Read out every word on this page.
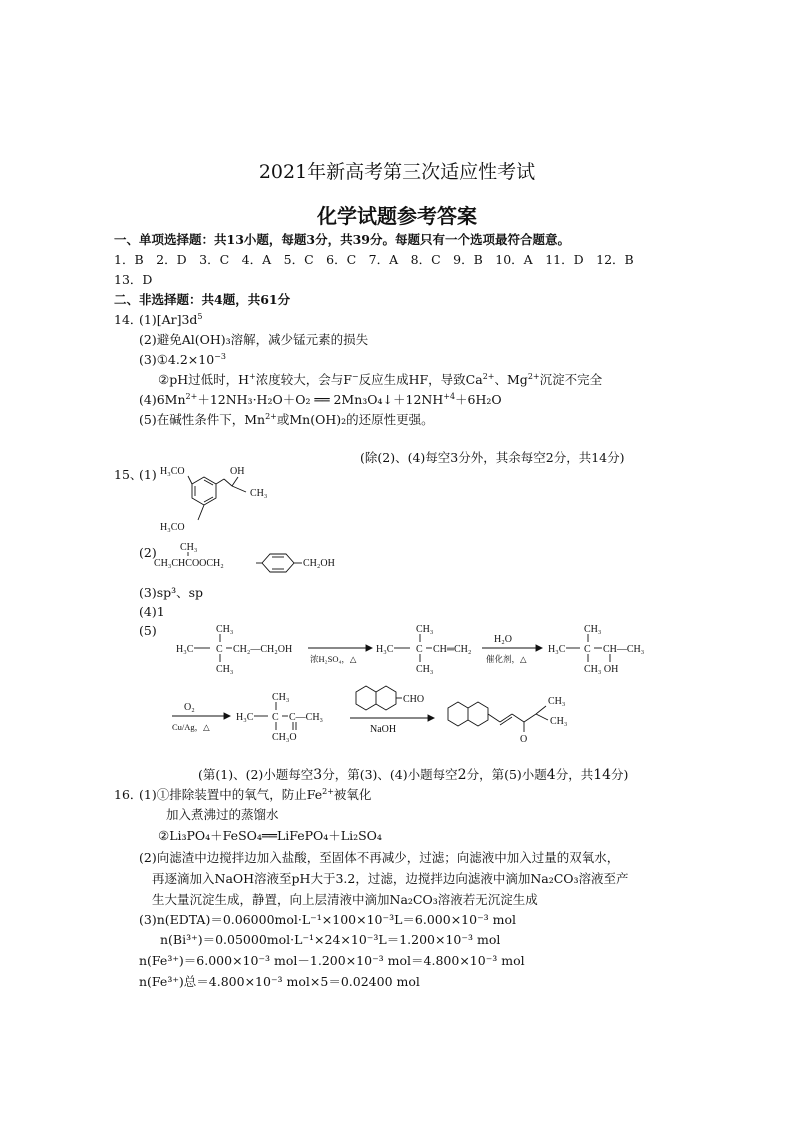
2021年新高考第三次适应性考试
化学试题参考答案
一、单项选择题：共13小题，每题3分，共39分。每题只有一个选项最符合题意。
1．B　2．D　3．C　4．A　5．C　6．C　7．A　8．C　9．B　10．A　11．D　12．B
13．D
二、非选择题：共4题，共61分
14．
$(1)[Ar]3d^5$
(2)避免Al(OH)₃溶解，减少锰元素的损失
$(3)①4.2\times 10^{-3}$
②pH过低时，H+浓度较大，会与F−反应生成HF，导致$Ca^{2+}$、$Mg^{2+}$沉淀不完全
$(4)6Mn^{2+}+12NH_3\cdot H_2O+O_2$ ══ $2Mn_3O_4↓+12NH^{+4}+6H_2O$
(5)在碱性条件下，$Mn^{2+}$或Mn(OH)₂的还原性更强。
(除(2)、(4)每空3分外，其余每空2分，共14分)
15、
(1) H₃CO	OH
CH₃
H₃CO
(2) CH₃
CH₃CHCOOCH₂	CH₂OH
(3)sp³、sp
(4)1
(5)
H₃C
CH₃
C
CH₃
CH₂—CH₂OH
浓H₂SO₄，△
H₃C
CH₃
C
CH₃
CH═CH₂
H₂O
催化剂，△
H₃C
CH₃
C CH—CH₃
CH₃ OH
O₂
Cu/Ag，△
H₃C
CH₃
C C—CH₃
CH₃O
CHO
NaOH
O
CH₃
CH₃
(第(1)、(2)小题每空3分，第(3)、(4)小题每空2分，第(5)小题4分，共14分)
16．
(1)①排除装置中的氧气，防止$Fe^{2+}$被氧化
加入煮沸过的蒸馏水
②Li₃PO₄＋FeSO₄══LiFePO₄＋Li₂SO₄
(2)向滤渣中边搅拌边加入盐酸，至固体不再减少，过滤；向滤液中加入过量的双氧水，
再逐滴加入NaOH溶液至pH大于3.2，过滤，边搅拌边向滤液中滴加Na₂CO₃溶液至产
生大量沉淀生成，静置，向上层清液中滴加Na₂CO₃溶液若无沉淀生成
(3)n(EDTA)＝0.06000mol·L⁻¹×100×10⁻³L＝6.000×10⁻³ mol
n(Bi³⁺)＝0.05000mol·L⁻¹×24×10⁻³L＝1.200×10⁻³ mol
n(Fe³⁺)＝6.000×10⁻³ mol－1.200×10⁻³ mol＝4.800×10⁻³ mol
n(Fe³⁺)总＝4.800×10⁻³ mol×5＝0.02400 mol
